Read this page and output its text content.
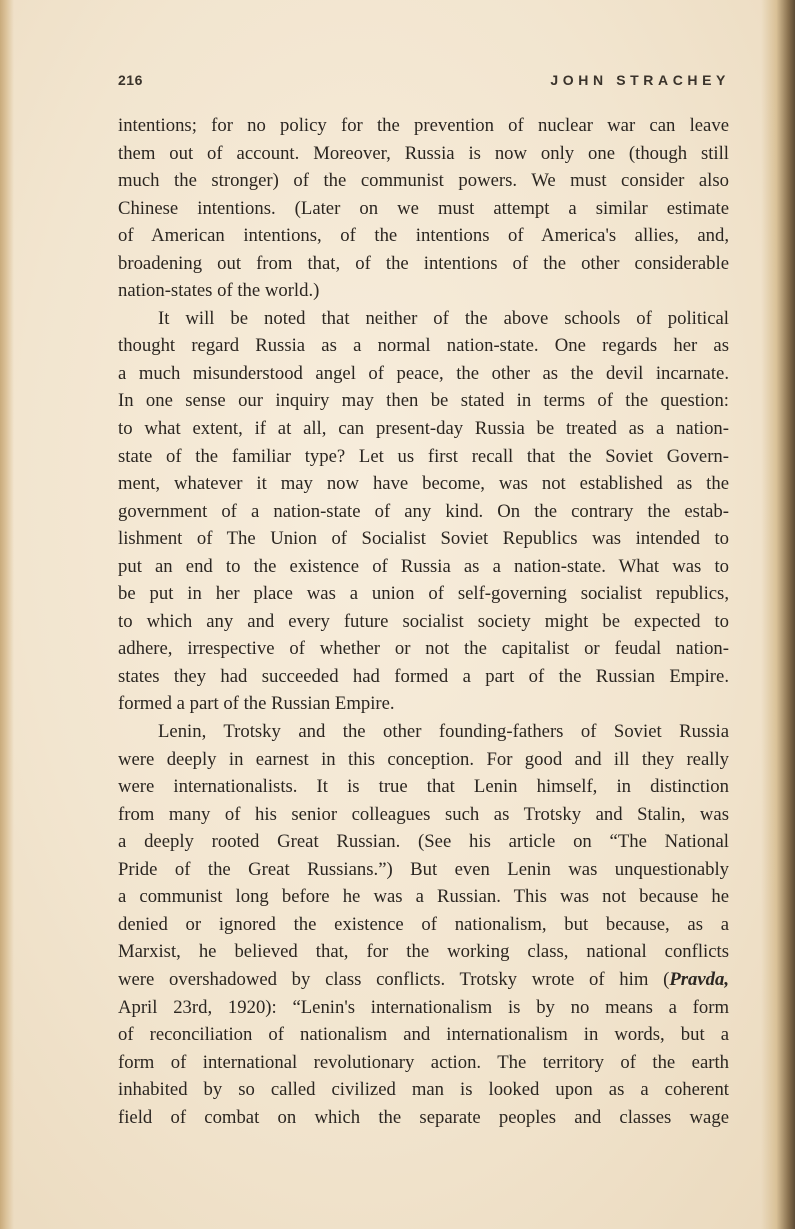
216	JOHN STRACHEY
intentions; for no policy for the prevention of nuclear war can leave
them out of account. Moreover, Russia is now only one (though still
much the stronger) of the communist powers. We must consider also
Chinese intentions. (Later on we must attempt a similar estimate
of American intentions, of the intentions of America's allies, and,
broadening out from that, of the intentions of the other considerable
nation-states of the world.)
It will be noted that neither of the above schools of political
thought regard Russia as a normal nation-state. One regards her as
a much misunderstood angel of peace, the other as the devil incarnate.
In one sense our inquiry may then be stated in terms of the question:
to what extent, if at all, can present-day Russia be treated as a nation-
state of the familiar type? Let us first recall that the Soviet Govern-
ment, whatever it may now have become, was not established as the
government of a nation-state of any kind. On the contrary the estab-
lishment of The Union of Socialist Soviet Republics was intended to
put an end to the existence of Russia as a nation-state. What was to
be put in her place was a union of self-governing socialist republics,
to which any and every future socialist society might be expected to
adhere, irrespective of whether or not the capitalist or feudal nation-
states they had succeeded had formed a part of the Russian Empire.
formed a part of the Russian Empire.
Lenin, Trotsky and the other founding-fathers of Soviet Russia
were deeply in earnest in this conception. For good and ill they really
were internationalists. It is true that Lenin himself, in distinction
from many of his senior colleagues such as Trotsky and Stalin, was
a deeply rooted Great Russian. (See his article on “The National
Pride of the Great Russians.”) But even Lenin was unquestionably
a communist long before he was a Russian. This was not because he
denied or ignored the existence of nationalism, but because, as a
Marxist, he believed that, for the working class, national conflicts
were overshadowed by class conflicts. Trotsky wrote of him (Pravda,
April 23rd, 1920): “Lenin's internationalism is by no means a form
of reconciliation of nationalism and internationalism in words, but a
form of international revolutionary action. The territory of the earth
inhabited by so called civilized man is looked upon as a coherent
field of combat on which the separate peoples and classes wage
